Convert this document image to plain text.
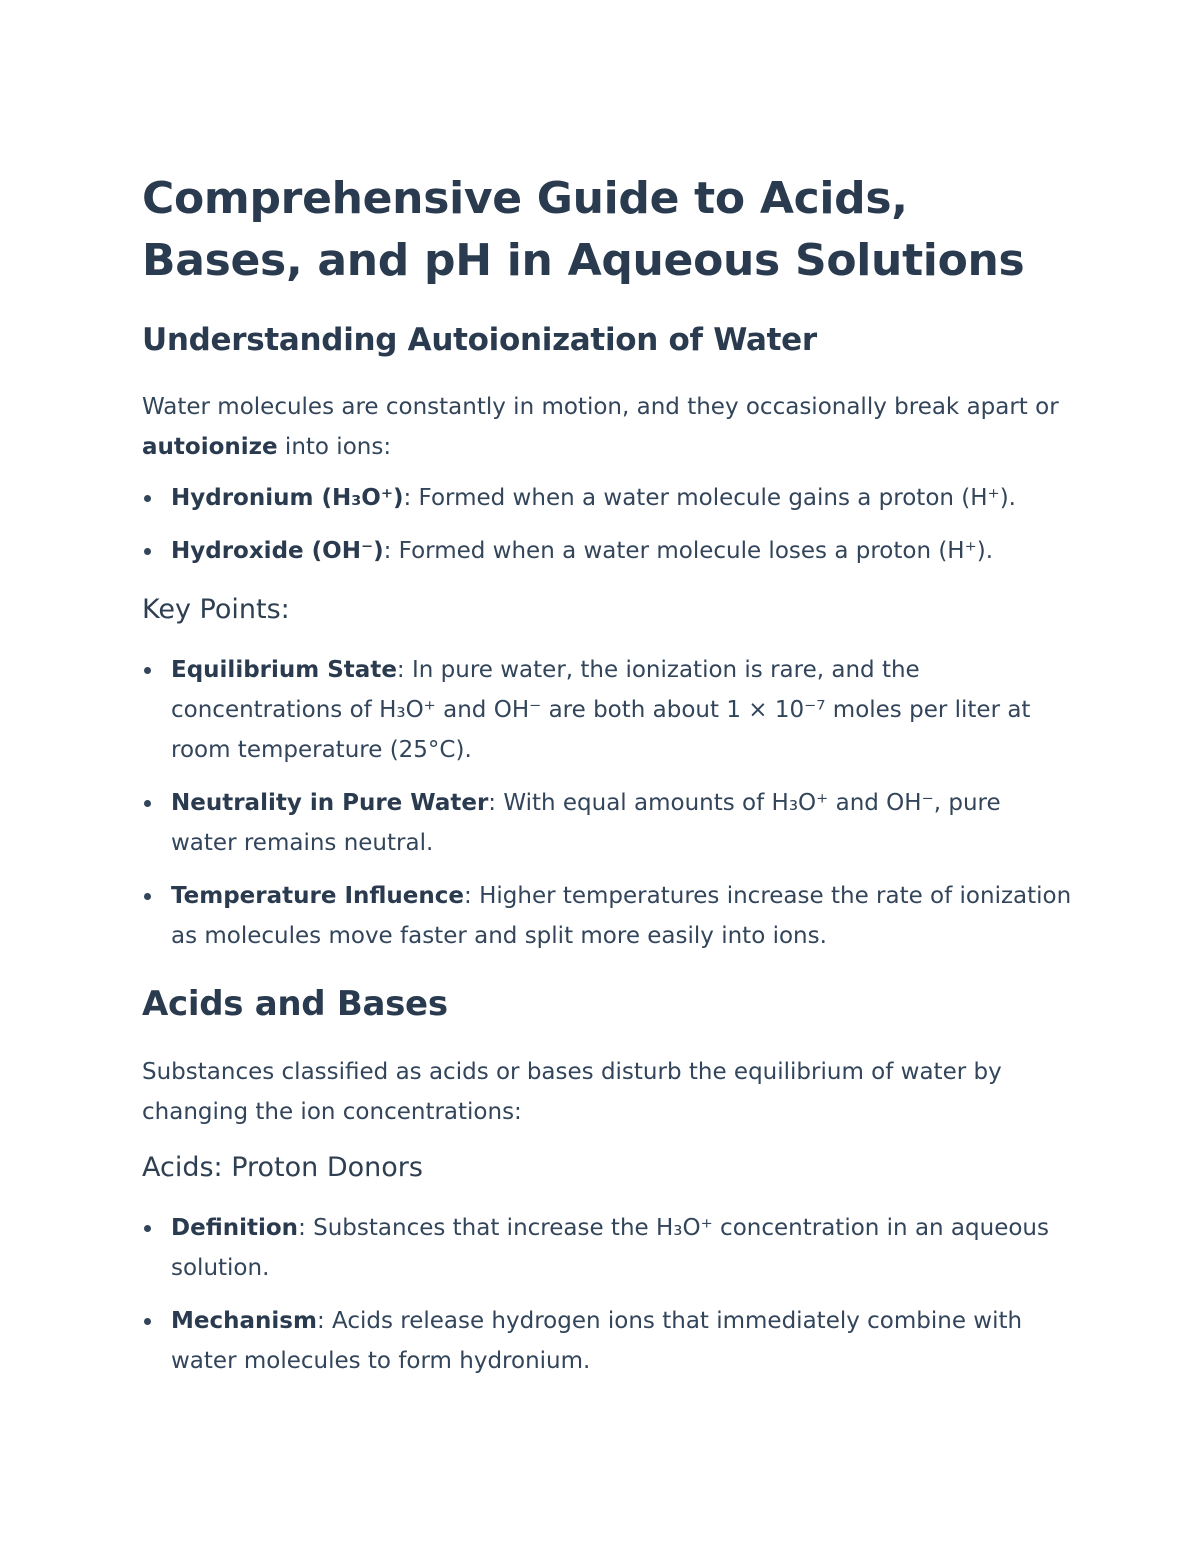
Comprehensive Guide to Acids, Bases, and pH in Aqueous Solutions
Understanding Autoionization of Water

Water molecules are constantly in motion, and they occasionally break apart or autoionize into ions:

Hydronium (H₃O⁺): Formed when a water molecule gains a proton (H⁺).
Hydroxide (OH⁻): Formed when a water molecule loses a proton (H⁺).
Key Points:
Equilibrium State: In pure water, the ionization is rare, and the concentrations of H₃O⁺ and OH⁻ are both about 1 × 10⁻⁷ moles per liter at room temperature (25°C).
Neutrality in Pure Water: With equal amounts of H₃O⁺ and OH⁻, pure water remains neutral.
Temperature Influence: Higher temperatures increase the rate of ionization as molecules move faster and split more easily into ions.
Acids and Bases

Substances classified as acids or bases disturb the equilibrium of water by changing the ion concentrations:

Acids: Proton Donors
Definition: Substances that increase the H₃O⁺ concentration in an aqueous solution.
Mechanism: Acids release hydrogen ions that immediately combine with water molecules to form hydronium.
